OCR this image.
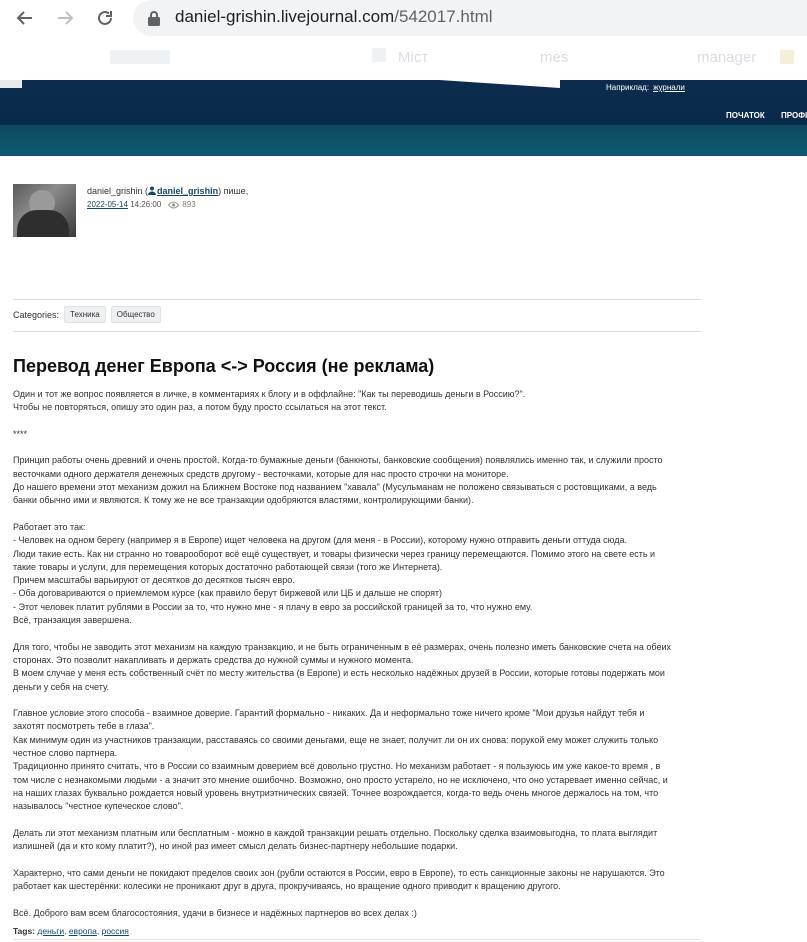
daniel-grishin.livejournal.com/542017.html
Міст	mes	manager
Наприклад: журнали
ПОЧАТОК ПРОФІ
daniel_grishin ( daniel_grishin) пише,
2022-05-14
14:26:00	893
Categories:	Техника	Общество
Перевод денег Европа <-> Россия (не реклама)

Один и тот же вопрос появляется в личке, в комментариях к блогу и в оффлайне: "Как ты переводишь деньги в Россию?".

Чтобы не повторяться, опишу это один раз, а потом буду просто ссылаться на этот текст.

****

Принцип работы очень древний и очень простой. Когда-то бумажные деньги (банкноты, банковские сообщения) появлялись именно так, и служили просто

весточками одного держателя денежных средств другому - весточками, которые для нас просто строчки на мониторе.

До нашего времени этот механизм дожил на Ближнем Востоке под названием "хавала" (Мусульманам не положено связываться с ростовщиками, а ведь

банки обычно ими и являются. К тому же не все транзакции одобряются властями, контролирующими банки).

Работает это так:

- Человек на одном берегу (например я в Европе) ищет человека на другом (для меня - в России), которому нужно отправить деньги оттуда сюда.

Люди такие есть. Как ни странно но товарооборот всё ещё существует, и товары физически через границу перемещаются. Помимо этого на свете есть и

такие товары и услуги, для перемещения которых достаточно работающей связи (того же Интернета).

Причем масштабы варьируют от десятков до десятков тысяч евро.

- Оба договариваются о приемлемом курсе (как правило берут биржевой или ЦБ и дальше не спорят)

- Этот человек платит рублями в России за то, что нужно мне - я плачу в евро за российской границей за то, что нужно ему.

Всё, транзакция завершена.

Для того, чтобы не заводить этот механизм на каждую транзакцию, и не быть ограниченным в её размерах, очень полезно иметь банковские счета на обеих

сторонах. Это позволит накапливать и держать средства до нужной суммы и нужного момента.

В моем случае у меня есть собственный счёт по месту жительства (в Европе) и есть несколько надёжных друзей в России, которые готовы подержать мои

деньги у себя на счету.

Главное условие этого способа - взаимное доверие. Гарантий формально - никаких. Да и неформально тоже ничего кроме "Мои друзья найдут тебя и

захотят посмотреть тебе в глаза".

Как минимум один из участников транзакции, расставаясь со своими деньгами, еще не знает, получит ли он их снова: порукой ему может служить только

честное слово партнера.

Традиционно принято считать, что в России со взаимным доверием всё довольно грустно. Но механизм работает - я пользуюсь им уже какое-то время , в

том числе с незнакомыми людьми - а значит это мнение ошибочно. Возможно, оно просто устарело, но не исключено, что оно устаревает именно сейчас, и

на наших глазах буквально рождается новый уровень внутриэтнических связей. Точнее возрождается, когда-то ведь очень многое держалось на том, что

называлось "честное купеческое слово".

Делать ли этот механизм платным или бесплатным - можно в каждой транзакции решать отдельно. Поскольку сделка взаимовыгодна, то плата выглядит

излишней (да и кто кому платит?), но иной раз имеет смысл делать бизнес-партнеру небольшие подарки.

Характерно, что сами деньги не покидают пределов своих зон (рубли остаются в России, евро в Европе), то есть санкционные законы не нарушаются. Это

работает как шестерёнки: колесики не проникают друг в друга, прокручиваясь, но вращение одного приводит к вращению другого.

Всё. Доброго вам всем благосостояния, удачи в бизнесе и надёжных партнеров во всех делах :)

Tags: деньги, европа, россия
